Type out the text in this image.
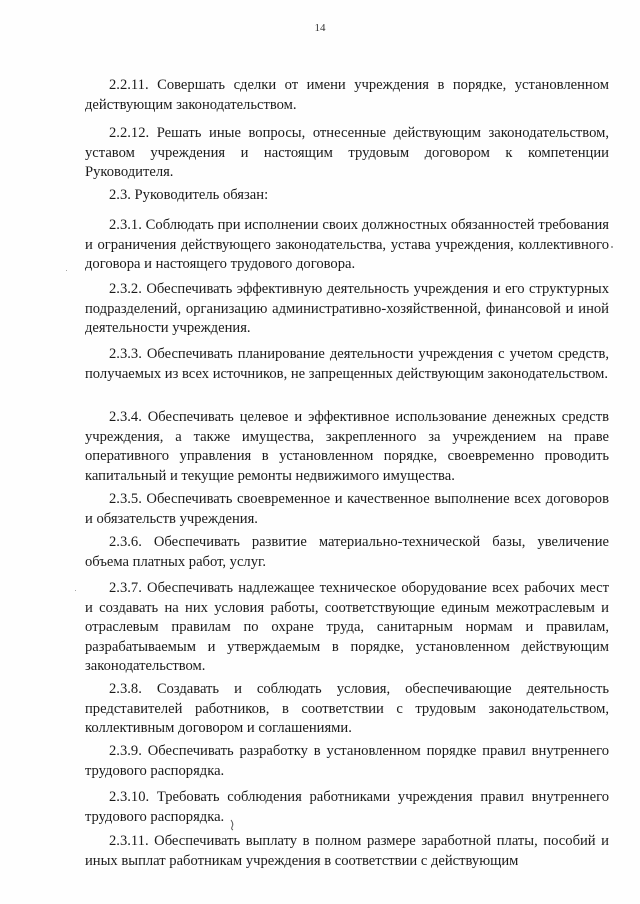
14
2.2.11. Совершать сделки от имени учреждения в порядке, установленном действующим законодательством.
2.2.12. Решать иные вопросы, отнесенные действующим законодательством, уставом учреждения и настоящим трудовым договором к компетенции Руководителя.
2.3. Руководитель обязан:
2.3.1. Соблюдать при исполнении своих должностных обязанностей требования и ограничения действующего законодательства, устава учреждения, коллективного договора и настоящего трудового договора.
2.3.2. Обеспечивать эффективную деятельность учреждения и его структурных подразделений, организацию административно-хозяйственной, финансовой и иной деятельности учреждения.
2.3.3. Обеспечивать планирование деятельности учреждения с учетом средств, получаемых из всех источников, не запрещенных действующим законодательством.
2.3.4. Обеспечивать целевое и эффективное использование денежных средств учреждения, а также имущества, закрепленного за учреждением на праве оперативного управления в установленном порядке, своевременно проводить капитальный и текущие ремонты недвижимого имущества.
2.3.5. Обеспечивать своевременное и качественное выполнение всех договоров и обязательств учреждения.
2.3.6. Обеспечивать развитие материально-технической базы, увеличение объема платных работ, услуг.
2.3.7. Обеспечивать надлежащее техническое оборудование всех рабочих мест и создавать на них условия работы, соответствующие единым межотраслевым и отраслевым правилам по охране труда, санитарным нормам и правилам, разрабатываемым и утверждаемым в порядке, установленном действующим законодательством.
2.3.8. Создавать и соблюдать условия, обеспечивающие деятельность представителей работников, в соответствии с трудовым законодательством, коллективным договором и соглашениями.
2.3.9. Обеспечивать разработку в установленном порядке правил внутреннего трудового распорядка.
2.3.10. Требовать соблюдения работниками учреждения правил внутреннего трудового распорядка.
2.3.11. Обеспечивать выплату в полном размере заработной платы, пособий и иных выплат работникам учреждения в соответствии с действующим
